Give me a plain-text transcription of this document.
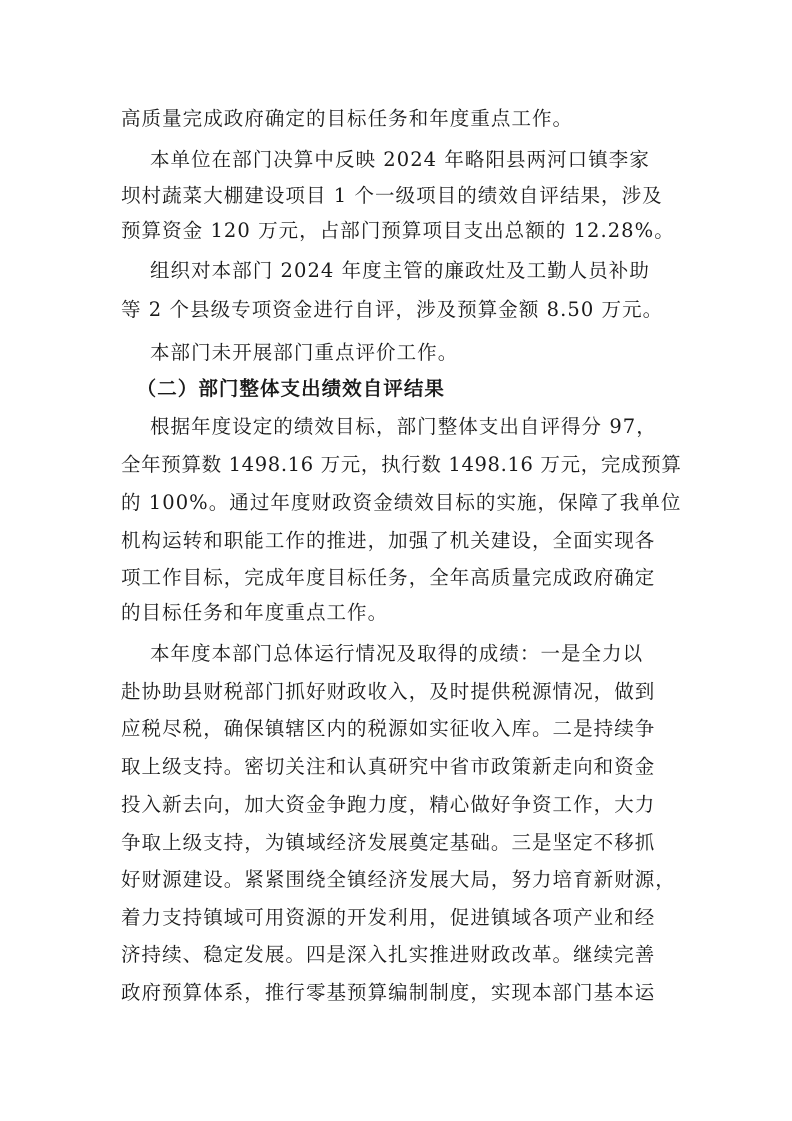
高质量完成政府确定的目标任务和年度重点工作。
本单位在部门决算中反映 2024 年略阳县两河口镇李家
坝村蔬菜大棚建设项目 1 个一级项目的绩效自评结果，涉及
预算资金 120 万元，占部门预算项目支出总额的 12.28%。
组织对本部门 2024 年度主管的廉政灶及工勤人员补助
等 2 个县级专项资金进行自评，涉及预算金额 8.50 万元。
本部门未开展部门重点评价工作。
（二）部门整体支出绩效自评结果
根据年度设定的绩效目标，部门整体支出自评得分 97，
全年预算数 1498.16 万元，执行数 1498.16 万元，完成预算
的 100%。通过年度财政资金绩效目标的实施，保障了我单位
机构运转和职能工作的推进，加强了机关建设，全面实现各
项工作目标，完成年度目标任务，全年高质量完成政府确定
的目标任务和年度重点工作。
本年度本部门总体运行情况及取得的成绩：一是全力以
赴协助县财税部门抓好财政收入，及时提供税源情况，做到
应税尽税，确保镇辖区内的税源如实征收入库。二是持续争
取上级支持。密切关注和认真研究中省市政策新走向和资金
投入新去向，加大资金争跑力度，精心做好争资工作，大力
争取上级支持，为镇域经济发展奠定基础。三是坚定不移抓
好财源建设。紧紧围绕全镇经济发展大局，努力培育新财源，
着力支持镇域可用资源的开发利用，促进镇域各项产业和经
济持续、稳定发展。四是深入扎实推进财政改革。继续完善
政府预算体系，推行零基预算编制制度，实现本部门基本运
